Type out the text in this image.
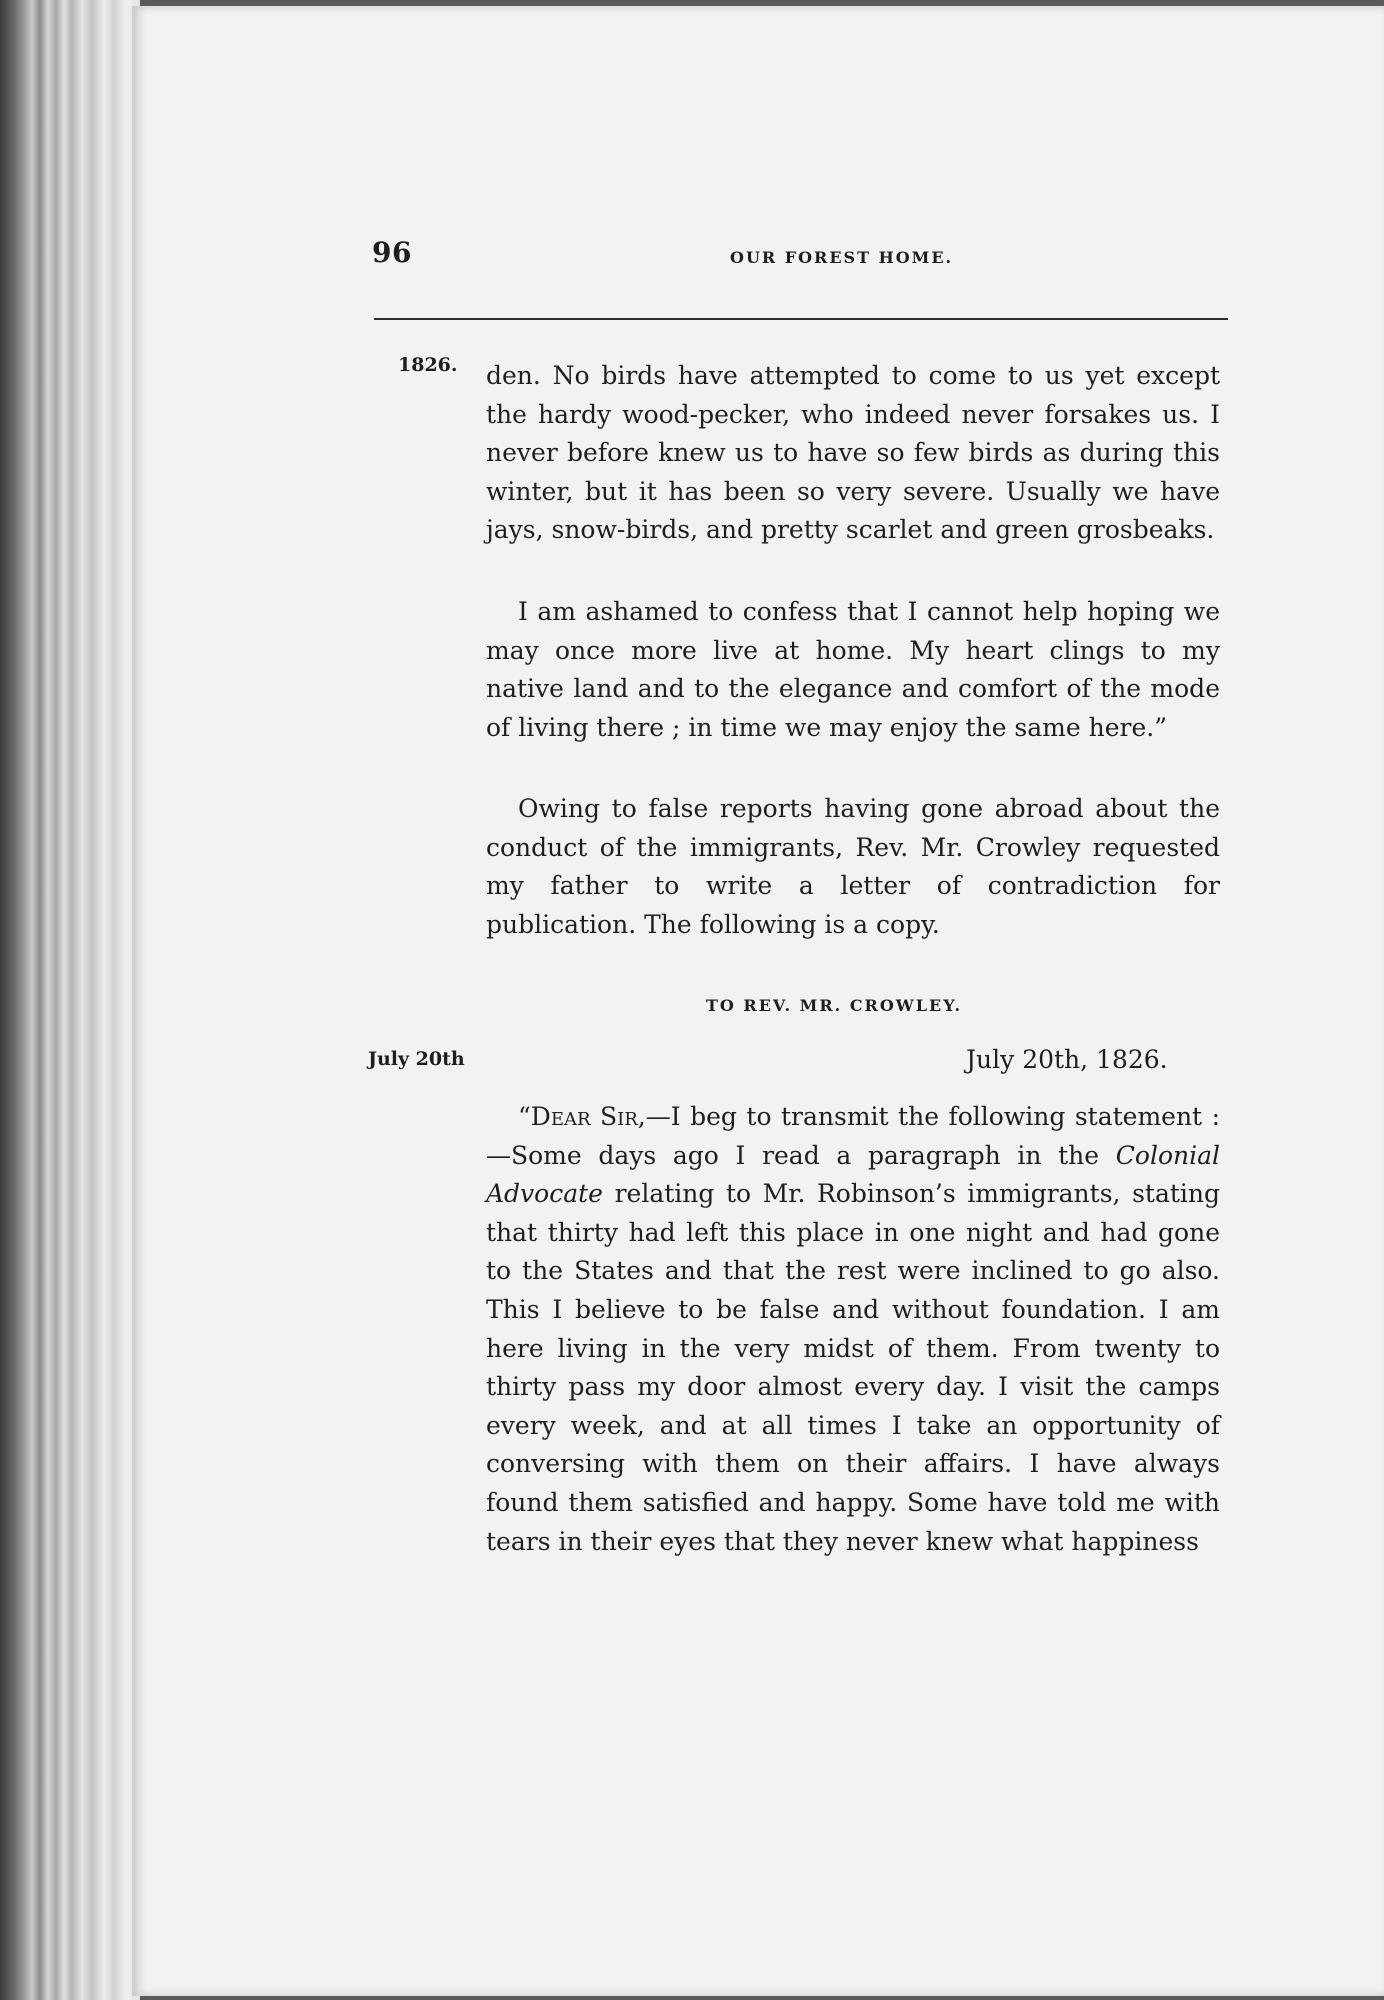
96	OUR FOREST HOME.
1826. den. No birds have attempted to come to us yet except the hardy wood-pecker, who indeed never forsakes us. I never before knew us to have so few birds as during this winter, but it has been so very severe. Usually we have jays, snow-birds, and pretty scarlet and green grosbeaks.

I am ashamed to confess that I cannot help hoping we may once more live at home. My heart clings to my native land and to the elegance and comfort of the mode of living there ; in time we may enjoy the same here.”

Owing to false reports having gone abroad about the conduct of the immigrants, Rev. Mr. Crowley requested my father to write a letter of contradiction for publication. The following is a copy.

TO REV. MR. CROWLEY.
July 20th	July 20th, 1826.

“Dear Sir,—I beg to transmit the following statement :—Some days ago I read a paragraph in the Colonial Advocate relating to Mr. Robinson’s immigrants, stating that thirty had left this place in one night and had gone to the States and that the rest were inclined to go also. This I believe to be false and without foundation. I am here living in the very midst of them. From twenty to thirty pass my door almost every day. I visit the camps every week, and at all times I take an opportunity of conversing with them on their affairs. I have always found them satisfied and happy. Some have told me with tears in their eyes that they never knew what happiness
